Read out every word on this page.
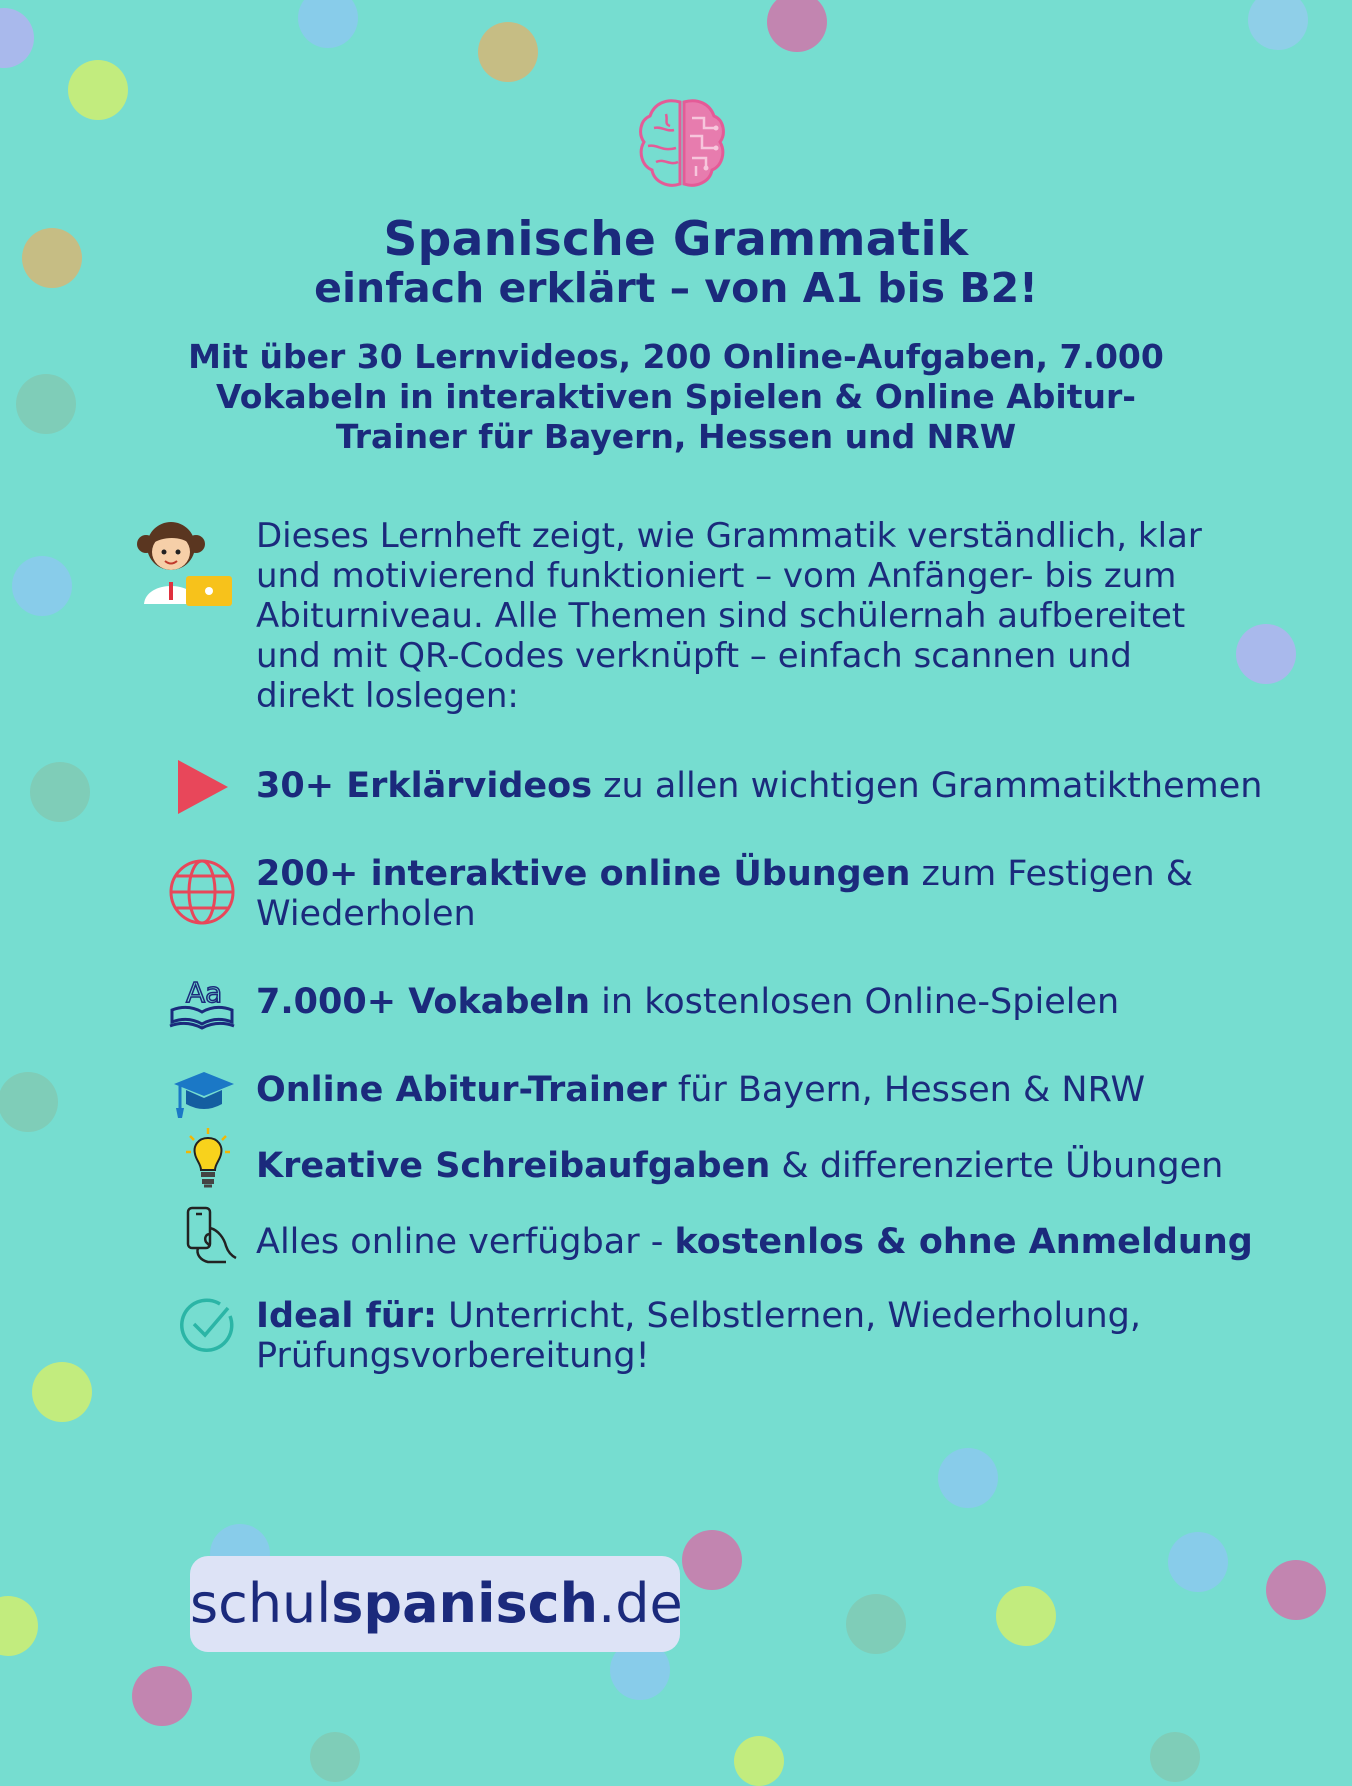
Spanische Grammatik
einfach erklärt – von A1 bis B2!
Mit über 30 Lernvideos, 200 Online-Aufgaben, 7.000 Vokabeln in interaktiven Spielen & Online Abitur-Trainer für Bayern, Hessen und NRW
Dieses Lernheft zeigt, wie Grammatik verständlich, klar und motivierend funktioniert – vom Anfänger- bis zum Abiturniveau. Alle Themen sind schülernah aufbereitet und mit QR-Codes verknüpft – einfach scannen und direkt loslegen:
30+ Erklärvideos zu allen wichtigen Grammatikthemen
200+ interaktive online Übungen zum Festigen & Wiederholen
Aa 7.000+ Vokabeln in kostenlosen Online-Spielen
Online Abitur-Trainer für Bayern, Hessen & NRW
Kreative Schreibaufgaben & differenzierte Übungen
Alles online verfügbar - kostenlos & ohne Anmeldung
Ideal für: Unterricht, Selbstlernen, Wiederholung, Prüfungsvorbereitung!
schulspanisch.de
